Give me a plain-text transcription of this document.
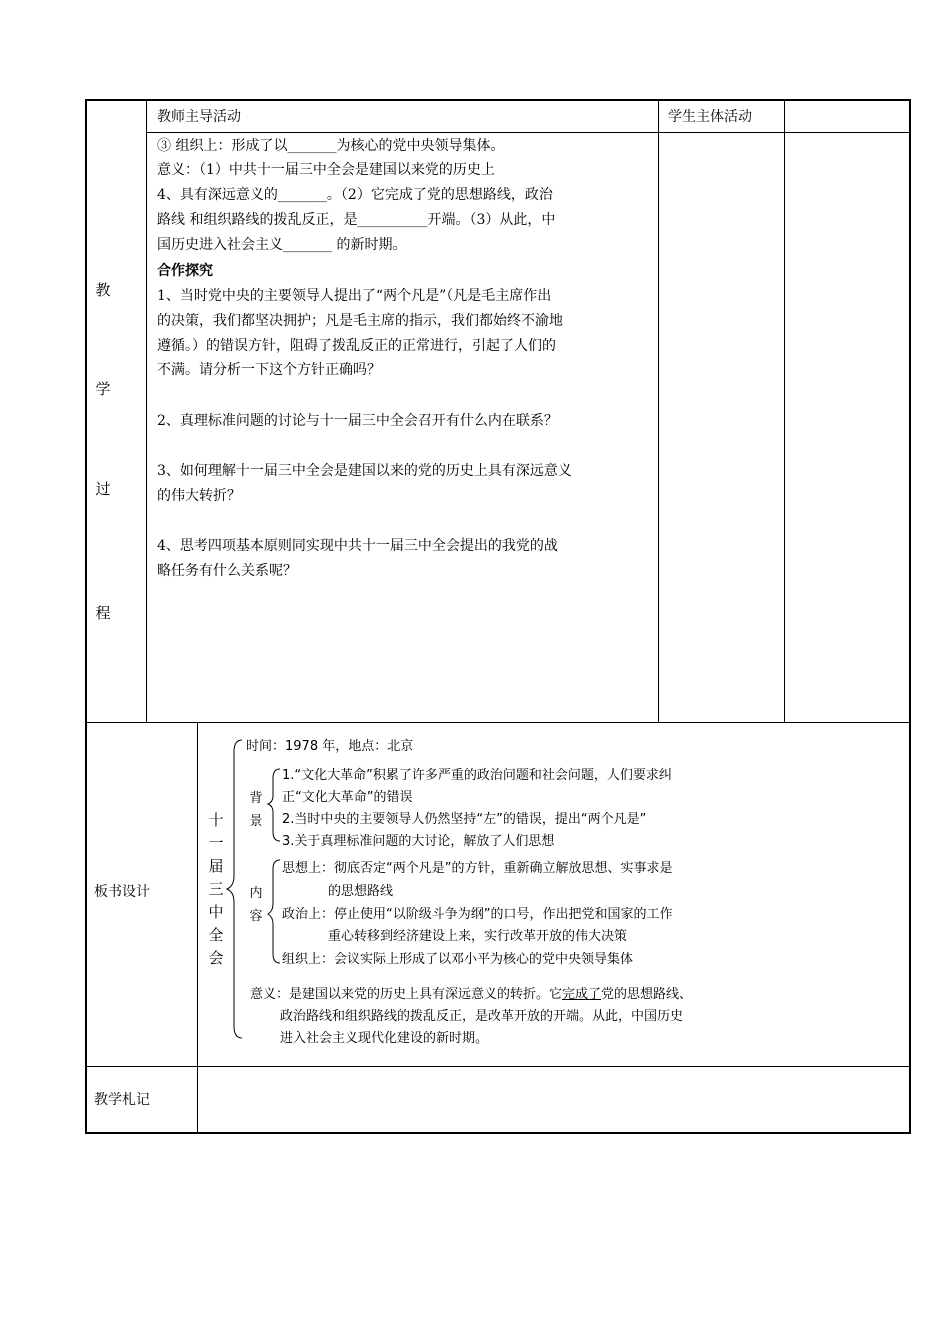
教师主导活动	学生主体活动
教
学
过
程
③ 组织上：形成了以_______为核心的党中央领导集体。
意义：（1）中共十一届三中全会是建国以来党的历史上
4、具有深远意义的_______。（2）它完成了党的思想路线，政治
路线 和组织路线的拨乱反正，是__________开端。（3）从此，中
国历史进入社会主义_______ 的新时期。
合作探究
1、当时党中央的主要领导人提出了“两个凡是”（凡是毛主席作出
的决策，我们都坚决拥护；凡是毛主席的指示，我们都始终不渝地
遵循。）的错误方针，阻碍了拨乱反正的正常进行，引起了人们的
不满。请分析一下这个方针正确吗？
2、真理标准问题的讨论与十一届三中全会召开有什么内在联系？
3、如何理解十一届三中全会是建国以来的党的历史上具有深远意义
的伟大转折？
4、思考四项基本原则同实现中共十一届三中全会提出的我党的战
略任务有什么关系呢？
板书设计
十
一
届
三
中
全
会
时间：1978 年，地点：北京
背
景
1.“文化大革命”积累了许多严重的政治问题和社会问题，人们要求纠
正“文化大革命”的错误
2.当时中央的主要领导人仍然坚持“左”的错误，提出“两个凡是”
3.关于真理标准问题的大讨论，解放了人们思想
内
容
思想上：彻底否定“两个凡是”的方针，重新确立解放思想、实事求是
的思想路线
政治上：停止使用“以阶级斗争为纲”的口号，作出把党和国家的工作
重心转移到经济建设上来，实行改革开放的伟大决策
组织上：会议实际上形成了以邓小平为核心的党中央领导集体
意义：是建国以来党的历史上具有深远意义的转折。它完成了党的思想路线、
政治路线和组织路线的拨乱反正，是改革开放的开端。从此，中国历史
进入社会主义现代化建设的新时期。
教学札记
